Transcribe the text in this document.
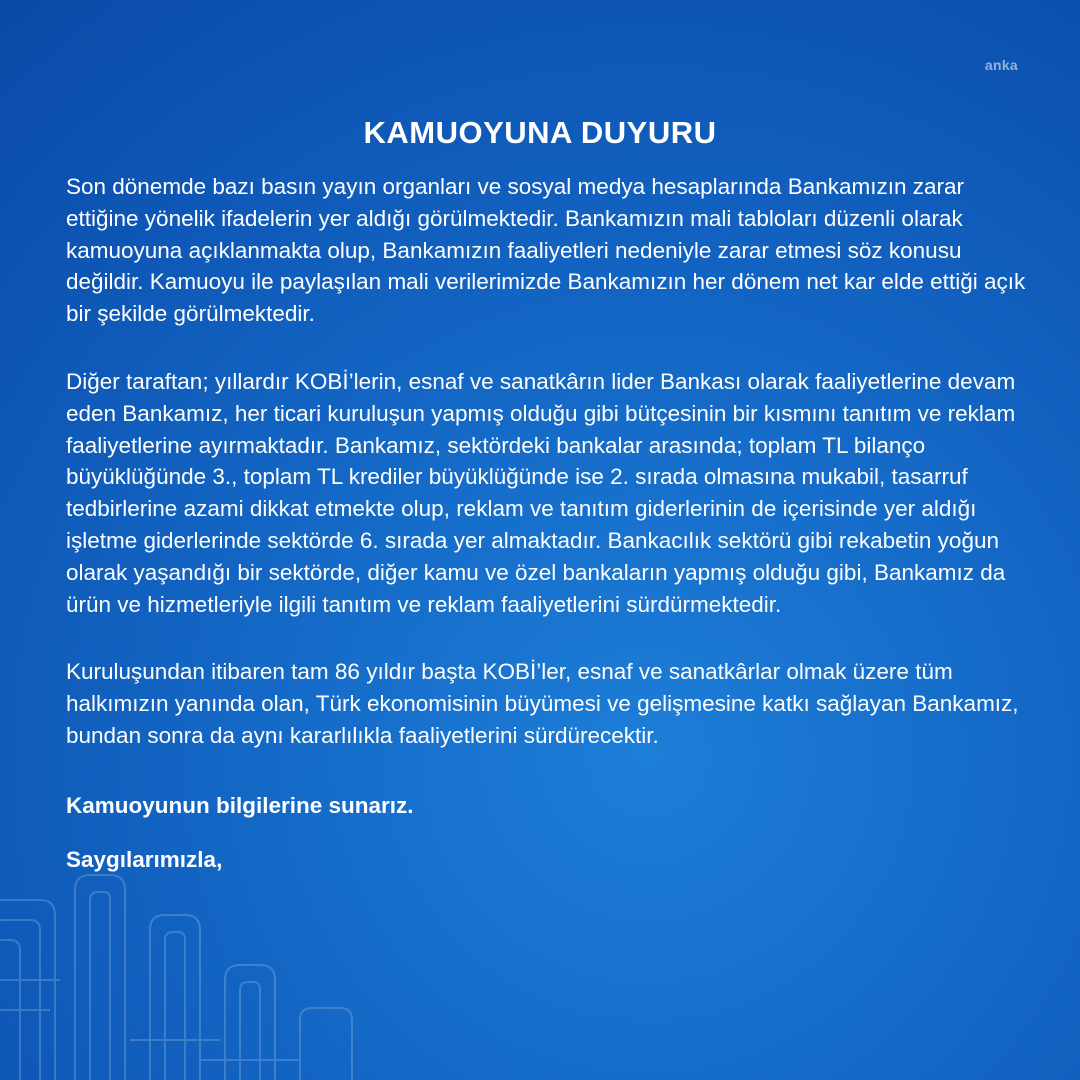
anka
KAMUOYUNA DUYURU

Son dönemde bazı basın yayın organları ve sosyal medya hesaplarında Bankamızın zarar ettiğine yönelik ifadelerin yer aldığı görülmektedir. Bankamızın mali tabloları düzenli olarak kamuoyuna açıklanmakta olup, Bankamızın faaliyetleri nedeniyle zarar etmesi söz konusu değildir. Kamuoyu ile paylaşılan mali verilerimizde Bankamızın her dönem net kar elde ettiği açık bir şekilde görülmektedir.

Diğer taraftan; yıllardır KOBİ’lerin, esnaf ve sanatkârın lider Bankası olarak faaliyetlerine devam eden Bankamız, her ticari kuruluşun yapmış olduğu gibi bütçesinin bir kısmını tanıtım ve reklam faaliyetlerine ayırmaktadır. Bankamız, sektördeki bankalar arasında; toplam TL bilanço büyüklüğünde 3., toplam TL krediler büyüklüğünde ise 2. sırada olmasına mukabil, tasarruf tedbirlerine azami dikkat etmekte olup, reklam ve tanıtım giderlerinin de içerisinde yer aldığı işletme giderlerinde sektörde 6. sırada yer almaktadır. Bankacılık sektörü gibi rekabetin yoğun olarak yaşandığı bir sektörde, diğer kamu ve özel bankaların yapmış olduğu gibi, Bankamız da ürün ve hizmetleriyle ilgili tanıtım ve reklam faaliyetlerini sürdürmektedir.

Kuruluşundan itibaren tam 86 yıldır başta KOBİ’ler, esnaf ve sanatkârlar olmak üzere tüm halkımızın yanında olan, Türk ekonomisinin büyümesi ve gelişmesine katkı sağlayan Bankamız, bundan sonra da aynı kararlılıkla faaliyetlerini sürdürecektir.

Kamuoyunun bilgilerine sunarız.

Saygılarımızla,
